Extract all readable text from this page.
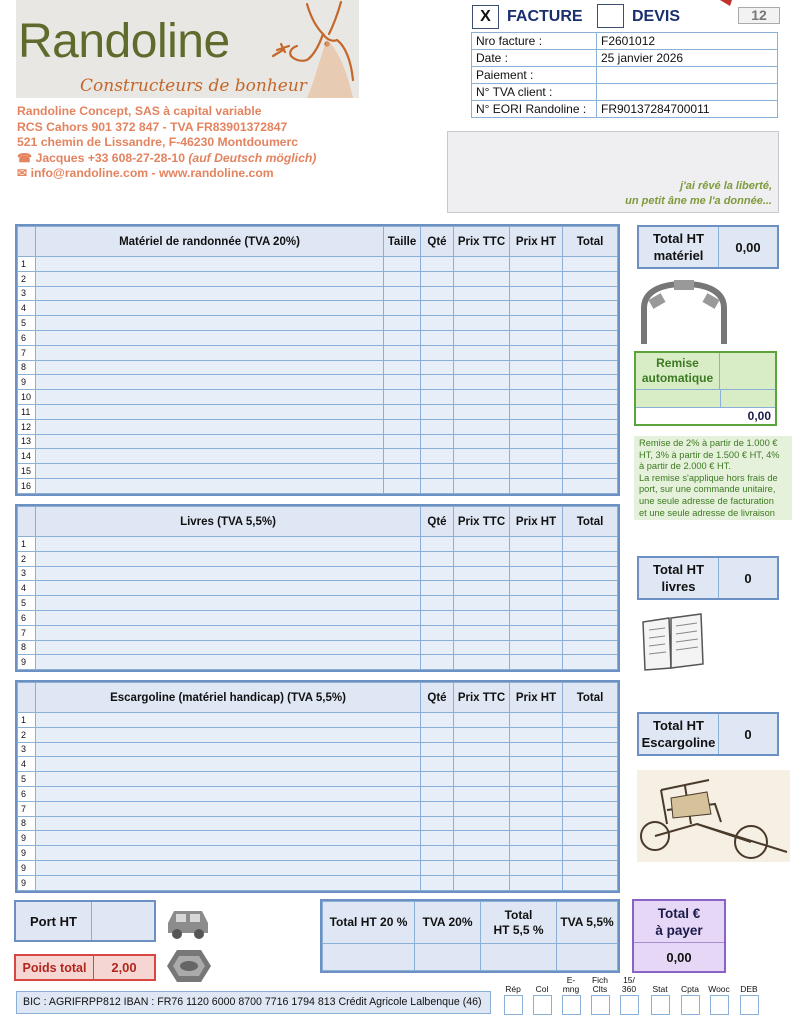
Randoline
Constructeurs de bonheur
Randoline Concept, SAS à capital variable
RCS Cahors 901 372 847 - TVA FR83901372847
521 chemin de Lissandre, F-46230 Montdoumerc
☎ Jacques +33 608-27-28-10 (auf Deutsch möglich)
✉ info@randoline.com - www.randoline.com
X	FACTURE	DEVIS	12
Nro facture :	F2601012
Date :	25 janvier 2026
Paiement :	
N° TVA client :	
N° EORI Randoline :	FR90137284700011
j'ai rêvé la liberté,
un petit âne me l'a donnée...
	Matériel de randonnée (TVA 20%)	Taille	Qté	Prix TTC	Prix HT	Total
1						
2						
3						
4						
5						
6						
7						
8						
9						
10						
11						
12						
13						
14						
15						
16						
	Livres (TVA 5,5%)	Qté	Prix TTC	Prix HT	Total
1					
2					
3					
4					
5					
6					
7					
8					
9					
	Escargoline (matériel handicap) (TVA 5,5%)	Qté	Prix TTC	Prix HT	Total
1					
2					
3					
4					
5					
6					
7					
8					
9					
9					
9					
9					
Total HT
matériel
0,00
Remise
automatique
0,00
Remise de 2% à partir de 1.000 €
HT, 3% à partir de 1.500 € HT, 4%
à partir de 2.000 € HT.
La remise s'applique hors frais de
port, sur une commande unitaire,
une seule adresse de facturation
et une seule adresse de livraison
Total HT
livres
0
Total HT
Escargoline
0
Port HT
Poids total	2,00
Total HT 20 %	TVA 20%	Total
HT 5,5 %	TVA 5,5%

Total €
à payer
0,00
BIC : AGRIFRPP812 IBAN : FR76 1120 6000 8700 7716 1794 813 Crédit Agricole Lalbenque (46)
Rép	Col
E-
mng
Fich
Clts
15/
360	Stat	Cpta	Wooc	DEB
